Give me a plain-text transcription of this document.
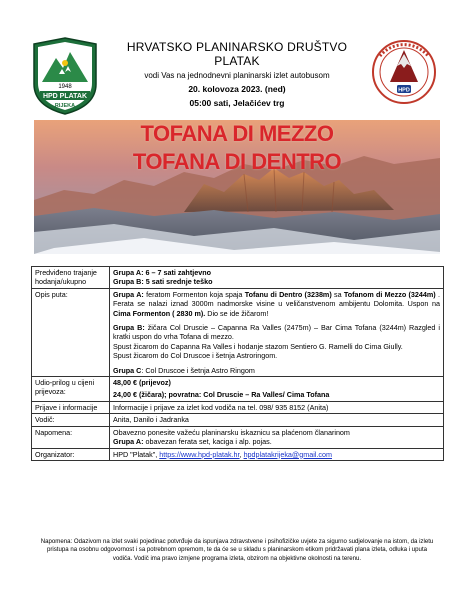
1948
HPD PLATAK
RIJEKA
HRVATSKO PLANINARSKO DRUŠTVO
PLATAK
vodi Vas na jednodnevni planinarski izlet autobusom
20. kolovoza 2023. (ned)
05:00 sati, Jelačićev trg
HPD
TOFANA DI MEZZO
TOFANA DI DENTRO
Predviđeno trajanje hodanja/ukupno	Grupa A: 6 – 7 sati zahtjevno
Grupa B: 5 sati srednje teško

Opis puta:	Grupa A: feratom Formenton koja spaja Tofanu di Dentro (3238m) sa Tofanom di Mezzo (3244m) . Ferata se nalazi iznad 3000m nadmorske visine u veličanstvenom ambijentu Dolomita. Uspon na Cima Formenton ( 2830 m). Dio se ide žičarom!
Grupa B: žičara Col Druscie – Capanna Ra Valles (2475m) – Bar Cima Tofana (3244m) Razgled i kratki uspon do vrha Tofana di mezzo.
Spust žicarom do Capanna Ra Valles i hodanje stazom Sentiero G. Ramelli do Cima Giully.
Spust žicarom do Col Druscoe i šetnja Astroringom.
Grupa C: Col Druscoe i šetnja Astro Ringom

Udio-prilog u cijeni prijevoza:	48,00 € (prijevoz)
24,00 € (žičara); povratna: Col Druscie – Ra Valles/ Cima Tofana

Prijave i informacije	Informacije i prijave za izlet kod vodiča na tel. 098/ 935 8152 (Anita)
Vodič:	Anita, Danilo i Jadranka
Napomena:	Obavezno ponesite važeću planinarsku iskaznicu sa plaćenom članarinom
Grupa A: obavezan ferata set, kaciga i alp. pojas.

Organizator:	HPD "Platak", https://www.hpd-platak.hr, hpdplatakrijeka@gmail.com
Napomena: Odazivom na izlet svaki pojedinac potvrđuje da ispunjava zdravstvene i psihofizičke uvjete za sigurno sudjelovanje na istom, da izletu pristupa na osobnu odgovornost i sa potrebnom opremom, te da će se u skladu s planinarskom etikom pridržavati plana izleta, odluka i uputa vodiča. Vodič ima pravo izmjene programa izleta, obzirom na objektivne okolnosti na terenu.
